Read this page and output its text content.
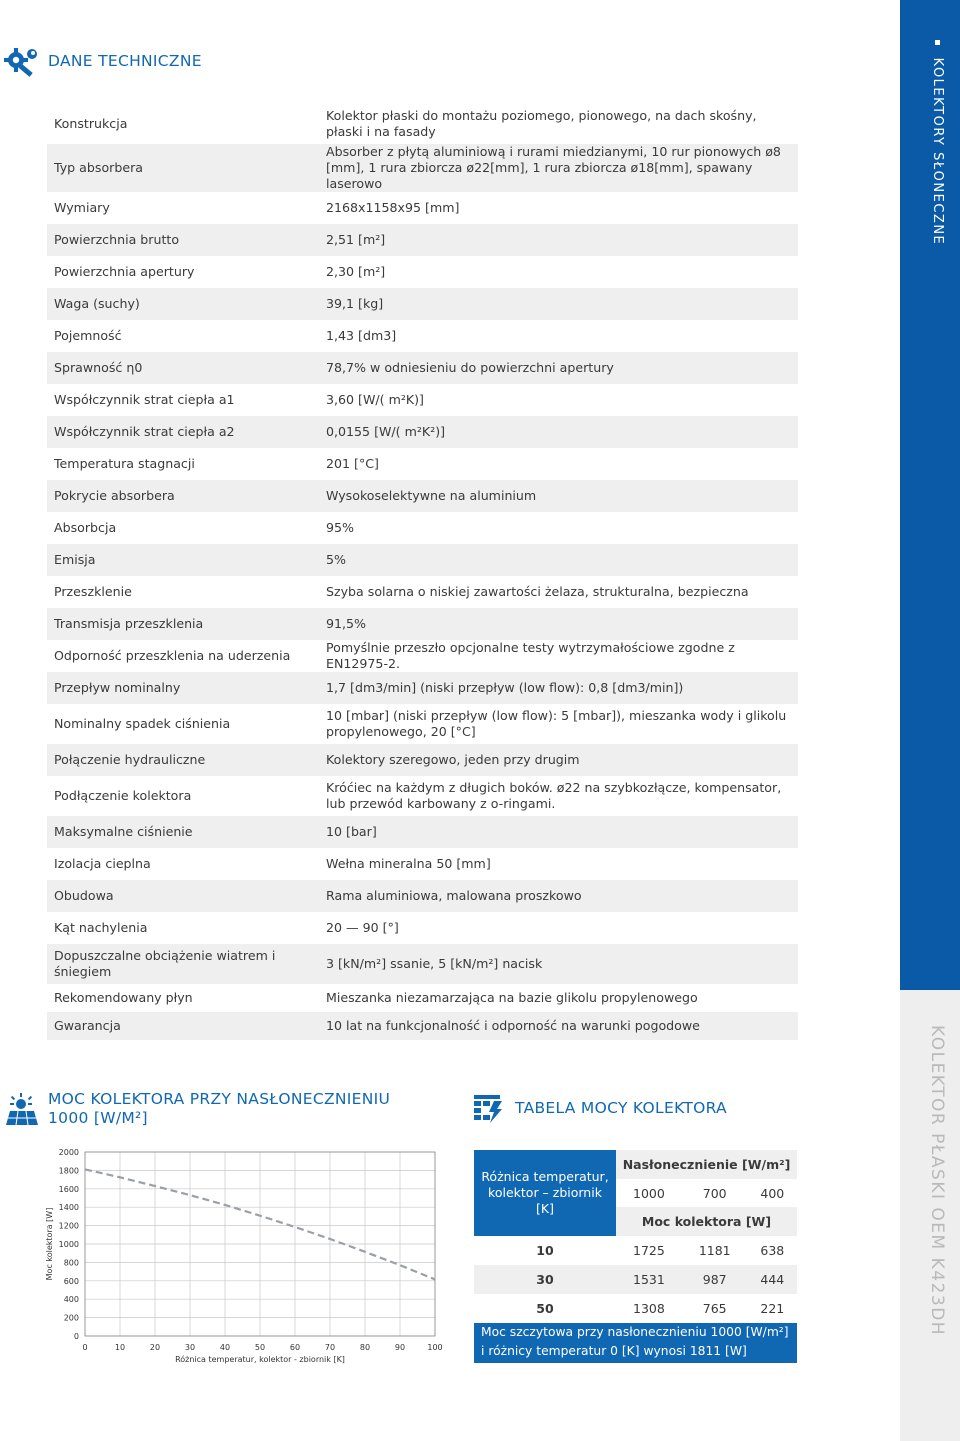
KOLEKTORY SŁONECZNE
KOLEKTOR PŁASKI OEM K423DH
DANE TECHNICZNE
Konstrukcja	Kolektor płaski do montażu poziomego, pionowego, na dach skośny, płaski i na fasady
Typ absorbera	Absorber z płytą aluminiową i rurami miedzianymi, 10 rur pionowych ø8 [mm], 1 rura zbiorcza ø22[mm], 1 rura zbiorcza ø18[mm], spawany laserowo
Wymiary	2168x1158x95 [mm]
Powierzchnia brutto	2,51 [m²]
Powierzchnia apertury	2,30 [m²]
Waga (suchy)	39,1 [kg]
Pojemność	1,43 [dm3]
Sprawność η0	78,7% w odniesieniu do powierzchni apertury
Współczynnik strat ciepła a1	3,60 [W/( m²K)]
Współczynnik strat ciepła a2	0,0155 [W/( m²K²)]
Temperatura stagnacji	201 [°C]
Pokrycie absorbera	Wysokoselektywne na aluminium
Absorbcja	95%
Emisja	5%
Przeszklenie	Szyba solarna o niskiej zawartości żelaza, strukturalna, bezpieczna
Transmisja przeszklenia	91,5%
Odporność przeszklenia na uderzenia	Pomyślnie przeszło opcjonalne testy wytrzymałościowe zgodne z EN12975-2.
Przepływ nominalny	1,7 [dm3/min] (niski przepływ (low flow): 0,8 [dm3/min])
Nominalny spadek ciśnienia	10 [mbar] (niski przepływ (low flow): 5 [mbar]), mieszanka wody i glikolu propylenowego, 20 [°C]
Połączenie hydrauliczne	Kolektory szeregowo, jeden przy drugim
Podłączenie kolektora	Króćiec na każdym z długich boków. ø22 na szybkozłącze, kompensator, lub przewód karbowany z o-ringami.
Maksymalne ciśnienie	10 [bar]
Izolacja cieplna	Wełna mineralna 50 [mm]
Obudowa	Rama aluminiowa, malowana proszkowo
Kąt nachylenia	20 — 90 [°]
Dopuszczalne obciążenie wiatrem i śniegiem	3 [kN/m²] ssanie, 5 [kN/m²] nacisk
Rekomendowany płyn	Mieszanka niezamarzająca na bazie glikolu propylenowego
Gwarancja	10 lat na funkcjonalność i odporność na warunki pogodowe
MOC KOLEKTORA PRZY NASŁONECZNIENIU
1000 [W/M²]
0
200
400
600
800
1000
1200
1400
1600
1800
2000
0	10	20	30	40	50	60	70	80	90	100
Różnica temperatur, kolektor - zbiornik [K]
Moc kolektora [W]
TABELA MOCY KOLEKTORA
Różnica temperatur, kolektor – zbiornik [K]	Nasłonecznienie [W/m²]		
	1000	700	400
	Moc kolektora [W]		
10	1725	1181	638
30	1531	987	444
50	1308	765	221
Moc szczytowa przy nasłonecznieniu 1000 [W/m²]
i różnicy temperatur 0 [K] wynosi 1811 [W]
